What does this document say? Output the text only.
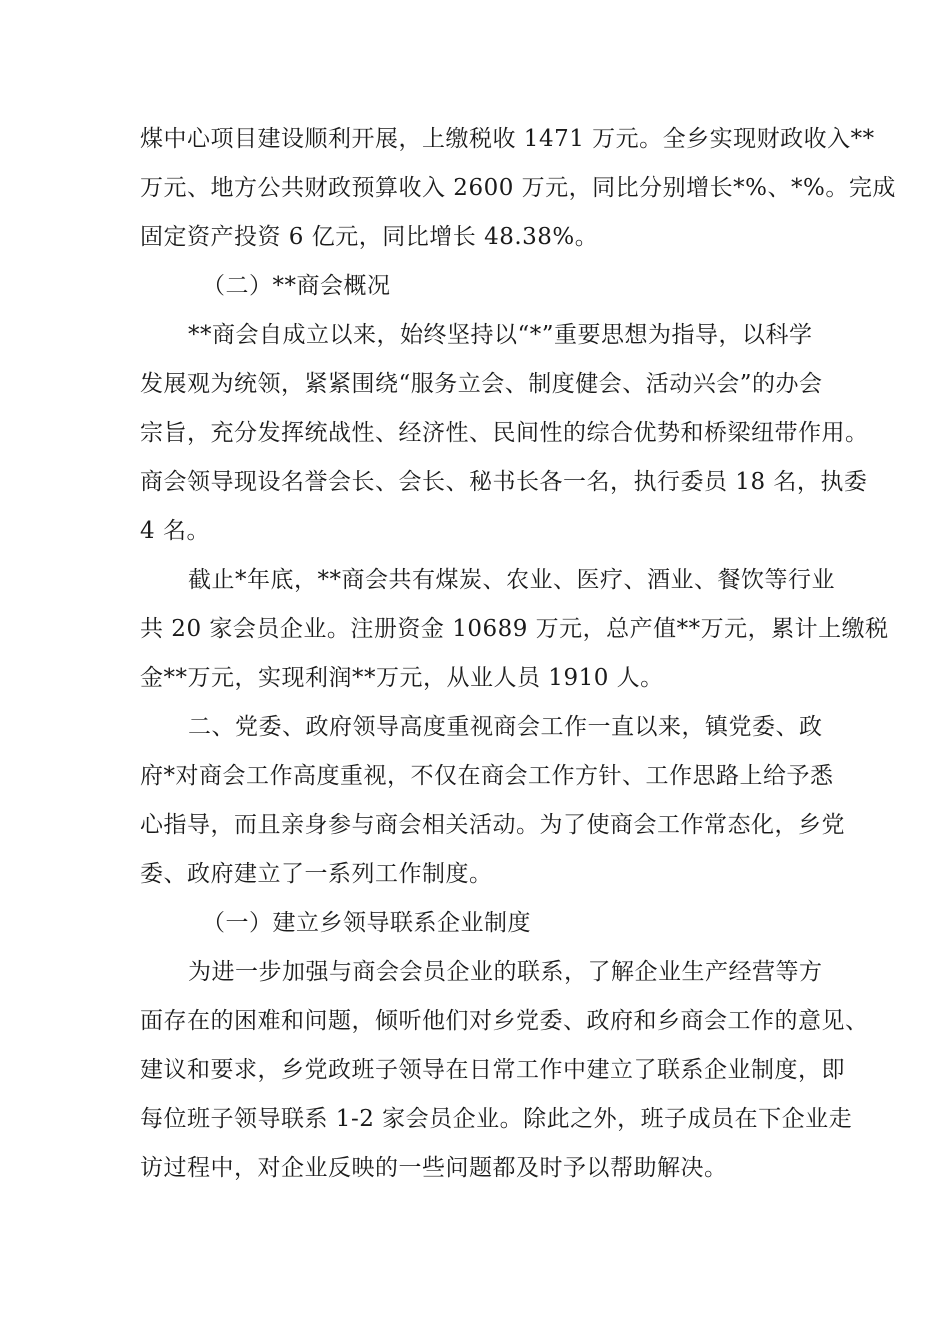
煤中心项目建设顺利开展，上缴税收 1471 万元。全乡实现财政收入**
万元、地方公共财政预算收入 2600 万元，同比分别增长*%、*%。完成
固定资产投资 6 亿元，同比增长 48.38%。
（二）**商会概况
**商会自成立以来，始终坚持以“*”重要思想为指导，以科学
发展观为统领，紧紧围绕“服务立会、制度健会、活动兴会”的办会
宗旨，充分发挥统战性、经济性、民间性的综合优势和桥梁纽带作用。
商会领导现设名誉会长、会长、秘书长各一名，执行委员 18 名，执委
4 名。
截止*年底，**商会共有煤炭、农业、医疗、酒业、餐饮等行业
共 20 家会员企业。注册资金 10689 万元，总产值**万元，累计上缴税
金**万元，实现利润**万元，从业人员 1910 人。
二、党委、政府领导高度重视商会工作一直以来，镇党委、政
府*对商会工作高度重视，不仅在商会工作方针、工作思路上给予悉
心指导，而且亲身参与商会相关活动。为了使商会工作常态化，乡党
委、政府建立了一系列工作制度。
（一）建立乡领导联系企业制度
为进一步加强与商会会员企业的联系，了解企业生产经营等方
面存在的困难和问题，倾听他们对乡党委、政府和乡商会工作的意见、
建议和要求，乡党政班子领导在日常工作中建立了联系企业制度，即
每位班子领导联系 1-2 家会员企业。除此之外，班子成员在下企业走
访过程中，对企业反映的一些问题都及时予以帮助解决。
